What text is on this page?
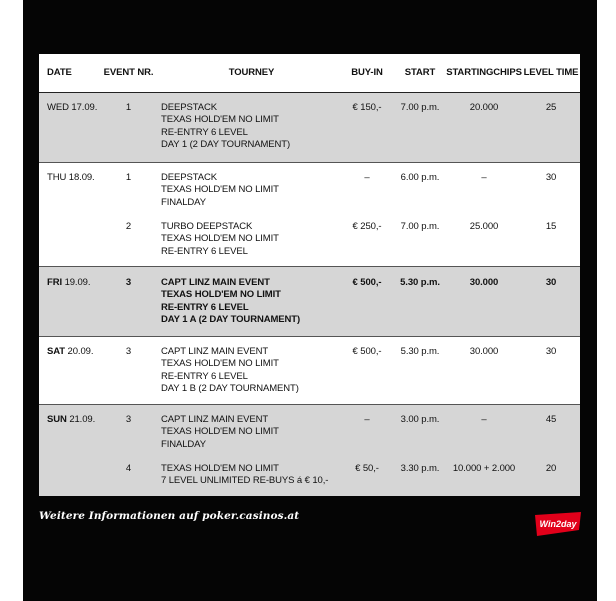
DATE	EVENT NR.	TOURNEY	BUY-IN	START	STARTING CHIPS LEVEL TIME
WED 17.09.	1	DEEPSTACK
TEXAS HOLD'EM NO LIMIT
RE-ENTRY 6 LEVEL
DAY 1 (2 DAY TOURNAMENT)
€ 150,-	7.00 p.m.	20.000	25
THU 18.09.	1	DEEPSTACK
TEXAS HOLD'EM NO LIMIT
FINALDAY
–	6.00 p.m.	–	30
2	TURBO DEEPSTACK
TEXAS HOLD'EM NO LIMIT
RE-ENTRY 6 LEVEL
€ 250,-	7.00 p.m.	25.000	15
FRI 19.09.	3	CAPT LINZ MAIN EVENT
TEXAS HOLD'EM NO LIMIT
RE-ENTRY 6 LEVEL
DAY 1 A (2 DAY TOURNAMENT)
€ 500,-	5.30 p.m.	30.000	30
SAT 20.09.	3	CAPT LINZ MAIN EVENT
TEXAS HOLD'EM NO LIMIT
RE-ENTRY 6 LEVEL
DAY 1 B (2 DAY TOURNAMENT)
€ 500,-	5.30 p.m.	30.000	30
SUN 21.09.	3	CAPT LINZ MAIN EVENT
TEXAS HOLD'EM NO LIMIT
FINALDAY
–	3.00 p.m.	–	45
4	TEXAS HOLD'EM NO LIMIT
7 LEVEL UNLIMITED RE-BUYS á € 10,-
€ 50,-	3.30 p.m.	10.000 + 2.000	20
Weitere Informationen auf poker.casinos.at
Win2day
